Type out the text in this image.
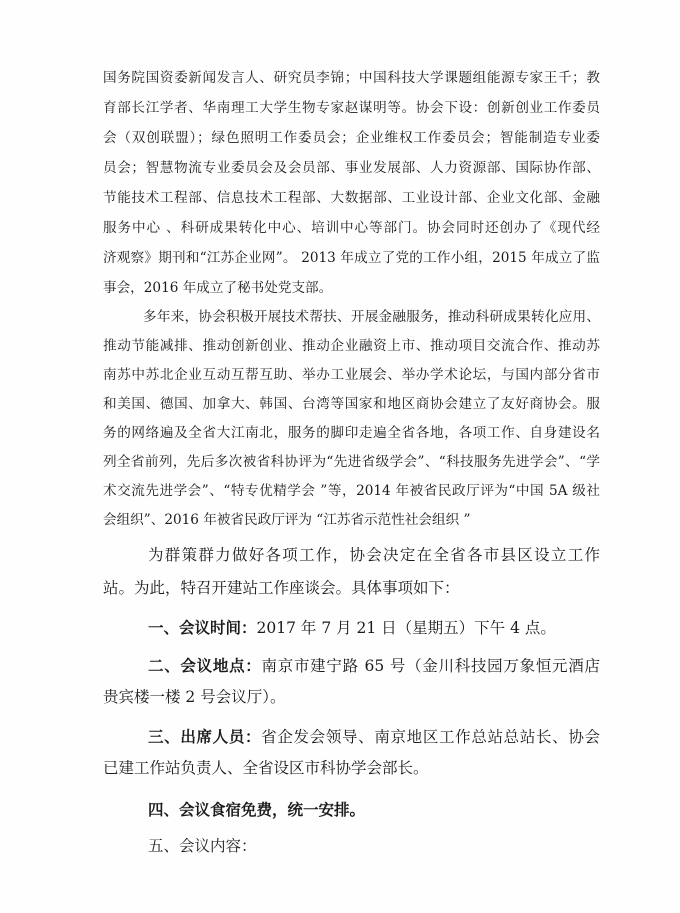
国务院国资委新闻发言人、研究员李锦；中国科技大学课题组能源专家王千；教
育部长江学者、华南理工大学生物专家赵谋明等。协会下设：创新创业工作委员
会（双创联盟）；绿色照明工作委员会；企业维权工作委员会；智能制造专业委
员会；智慧物流专业委员会及会员部、事业发展部、人力资源部、国际协作部、
节能技术工程部、信息技术工程部、大数据部、工业设计部、企业文化部、金融
服务中心 、科研成果转化中心、培训中心等部门。协会同时还创办了《现代经
济观察》期刊和“江苏企业网”。 2013 年成立了党的工作小组，2015 年成立了监
事会，2016 年成立了秘书处党支部。
多年来，协会积极开展技术帮扶、开展金融服务，推动科研成果转化应用、
推动节能减排、推动创新创业、推动企业融资上市、推动项目交流合作、推动苏
南苏中苏北企业互动互帮互助、举办工业展会、举办学术论坛，与国内部分省市
和美国、德国、加拿大、韩国、台湾等国家和地区商协会建立了友好商协会。服
务的网络遍及全省大江南北，服务的脚印走遍全省各地，各项工作、自身建设名
列全省前列，先后多次被省科协评为“先进省级学会”、“科技服务先进学会”、“学
术交流先进学会”、“特专优精学会 ”等，2014 年被省民政厅评为“中国 5A 级社
会组织”、2016 年被省民政厅评为 “江苏省示范性社会组织 ”
为群策群力做好各项工作，协会决定在全省各市县区设立工作
站。为此，特召开建站工作座谈会。具体事项如下：
一、会议时间：2017 年 7 月 21 日（星期五）下午 4 点。
二、会议地点：南京市建宁路 65 号（金川科技园万象恒元酒店
贵宾楼一楼 2 号会议厅）。
三、出席人员：省企发会领导、南京地区工作总站总站长、协会
已建工作站负责人、全省设区市科协学会部长。
四、会议食宿免费，统一安排。
五、会议内容：
